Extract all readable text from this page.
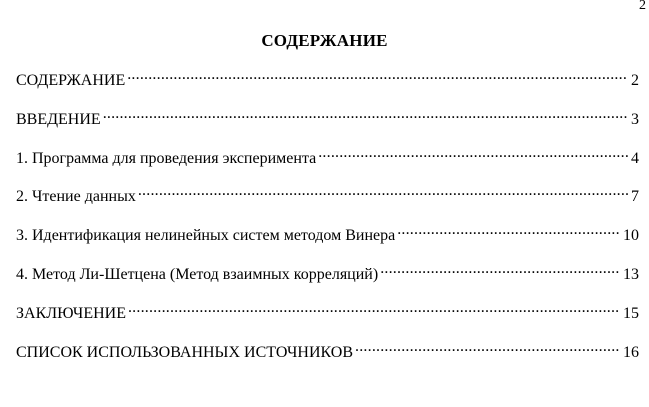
2
СОДЕРЖАНИЕ
СОДЕРЖАНИЕ .....	2
ВВЕДЕНИЕ .....	3
1. Программа для проведения эксперимента .....	4
2. Чтение данных .....	7
3. Идентификация нелинейных систем методом Винера .....	10
4. Метод Ли-Шетцена (Метод взаимных корреляций) .....	13
ЗАКЛЮЧЕНИЕ .....	15
СПИСОК ИСПОЛЬЗОВАННЫХ ИСТОЧНИКОВ .....	16
